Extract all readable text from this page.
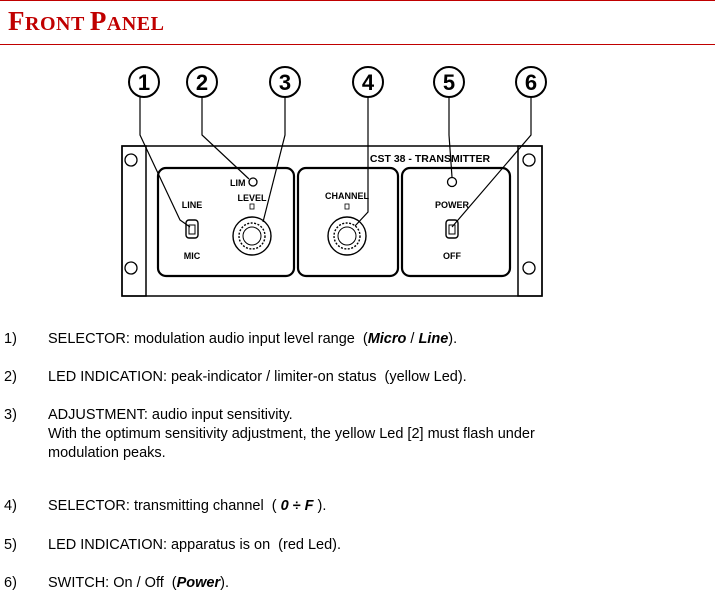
FRONT PANEL
1 2	3	4	5	6
CST 38 - TRANSMITTER
LIM
LEVEL
LINE
MIC
CHANNEL
POWER
OFF
1) SELECTOR: modulation audio input level range (Micro / Line).
2) LED INDICATION: peak-indicator / limiter-on status (yellow Led).
3) ADJUSTMENT: audio input sensitivity.
With the optimum sensitivity adjustment, the yellow Led [2] must flash under
modulation peaks.
4) SELECTOR: transmitting channel ( 0 ÷ F ).
5) LED INDICATION: apparatus is on (red Led).
6) SWITCH: On / Off (Power).
